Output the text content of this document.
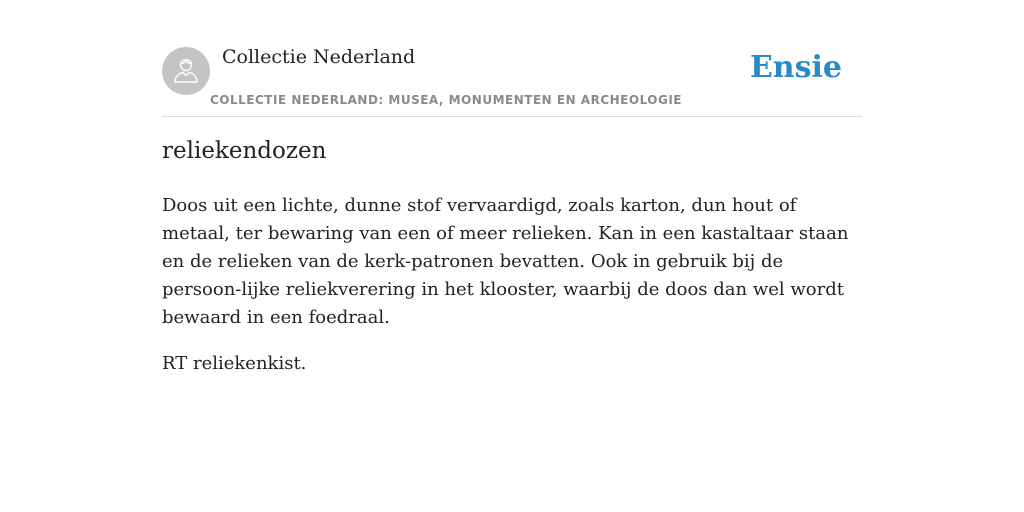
Collectie Nederland
COLLECTIE NEDERLAND: MUSEA, MONUMENTEN EN ARCHEOLOGIE
Ensie
reliekendozen

Doos uit een lichte, dunne stof vervaardigd, zoals karton, dun hout of metaal, ter bewaring van een of meer relieken. Kan in een kastaltaar staan en de relieken van de kerk-patronen bevatten. Ook in gebruik bij de persoon-lijke reliekverering in het klooster, waarbij de doos dan wel wordt bewaard in een foedraal.

RT reliekenkist.
